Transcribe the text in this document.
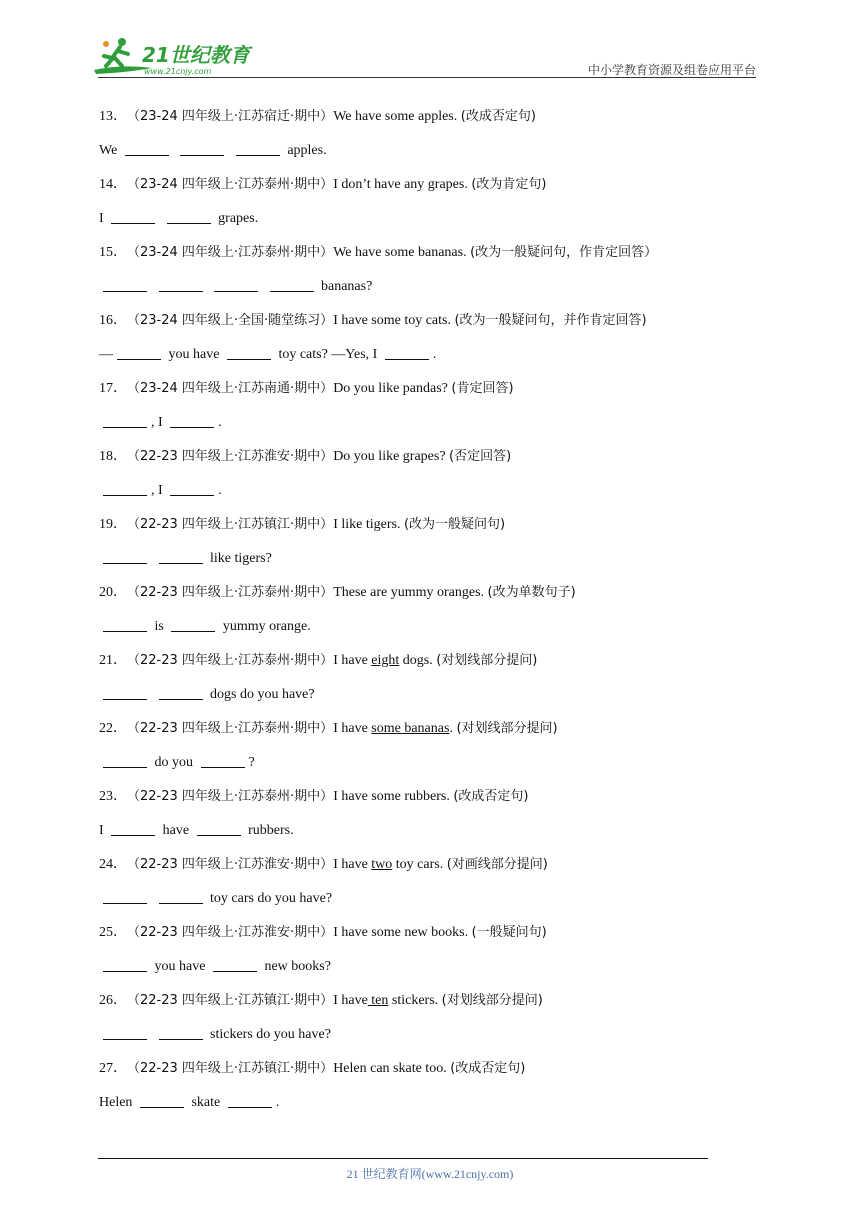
21世纪教育
www.21cnjy.com	中小学教育资源及组卷应用平台
13．（23-24 四年级上·江苏宿迁·期中）We have some apples. (改成否定句)
We	apples.
14．（23-24 四年级上·江苏泰州·期中）I don’t have any grapes. (改为肯定句)
I	grapes.
15．（23-24 四年级上·江苏泰州·期中）We have some bananas. (改为一般疑问句，作肯定回答）
bananas?
16．（23-24 四年级上·全国·随堂练习）I have some toy cats. (改为一般疑问句，并作肯定回答)
—	you have	toy cats? —Yes, I	.
17．（23-24 四年级上·江苏南通·期中）Do you like pandas? (肯定回答)
, I	.
18．（22-23 四年级上·江苏淮安·期中）Do you like grapes? (否定回答)
, I	.
19．（22-23 四年级上·江苏镇江·期中）I like tigers. (改为一般疑问句)
like tigers?
20．（22-23 四年级上·江苏泰州·期中）These are yummy oranges. (改为单数句子)
is	yummy orange.
21．（22-23 四年级上·江苏泰州·期中）I have eight dogs. (对划线部分提问)
dogs do you have?
22．（22-23 四年级上·江苏泰州·期中）I have some bananas. (对划线部分提问)
do you	?
23．（22-23 四年级上·江苏泰州·期中）I have some rubbers. (改成否定句)
I	have	rubbers.
24．（22-23 四年级上·江苏淮安·期中）I have two toy cars. (对画线部分提问)
toy cars do you have?
25．（22-23 四年级上·江苏淮安·期中）I have some new books. (一般疑问句)
you have	new books?
26．（22-23 四年级上·江苏镇江·期中）I have ten stickers. (对划线部分提问)
stickers do you have?
27．（22-23 四年级上·江苏镇江·期中）Helen can skate too. (改成否定句)
Helen	skate	.
21 世纪教育网(www.21cnjy.com)
